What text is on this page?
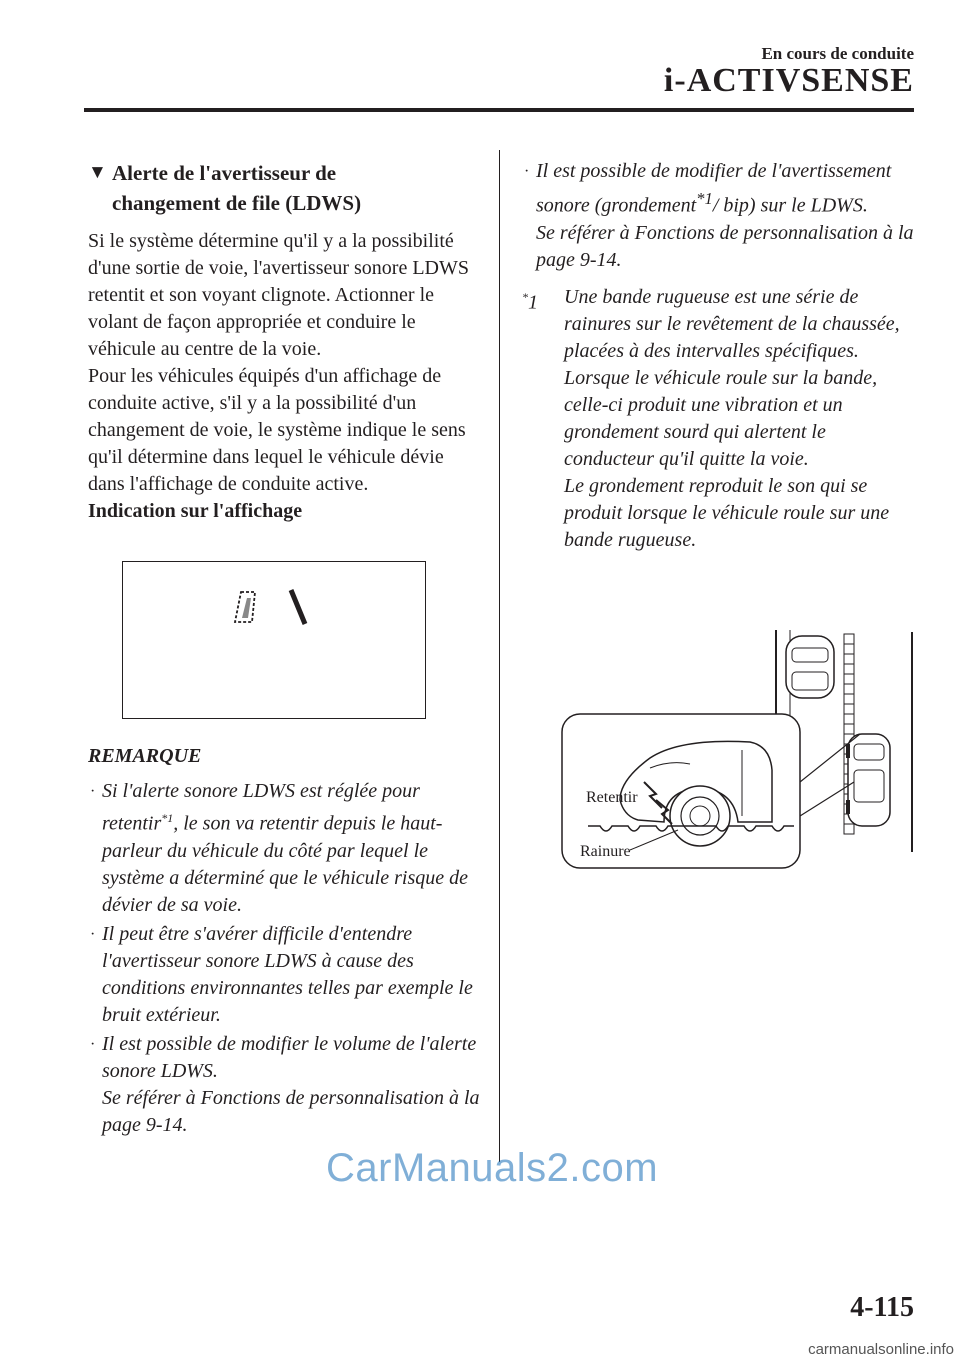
En cours de conduite
i-ACTIVSENSE
▼ Alerte de l'avertisseur de
changement de file (LDWS)
Si le système détermine qu'il y a la possibilité d'une sortie de voie, l'avertisseur sonore LDWS retentit et son voyant clignote. Actionner le volant de façon appropriée et conduire le véhicule au centre de la voie.
Pour les véhicules équipés d'un affichage de conduite active, s'il y a la possibilité d'un changement de voie, le système indique le sens qu'il détermine dans lequel le véhicule dévie dans l'affichage de conduite active.
Indication sur l'affichage
REMARQUE
· Si l'alerte sonore LDWS est réglée pour retentir$^{*1}$, le son va retentir depuis le haut-parleur du véhicule du côté par lequel le système a déterminé que le véhicule risque de dévier de sa voie.
· Il peut être s'avérer difficile d'entendre l'avertisseur sonore LDWS à cause des conditions environnantes telles par exemple le bruit extérieur.
· Il est possible de modifier le volume de l'alerte sonore LDWS.
Se référer à Fonctions de personnalisation à la page 9-14.
· Il est possible de modifier de l'avertissement sonore (grondement$^{*1}$/ bip) sur le LDWS.
Se référer à Fonctions de personnalisation à la page 9-14.
*1	Une bande rugueuse est une série de rainures sur le revêtement de la chaussée, placées à des intervalles spécifiques. Lorsque le véhicule roule sur la bande, celle-ci produit une vibration et un grondement sourd qui alertent le conducteur qu'il quitte la voie.
Le grondement reproduit le son qui se produit lorsque le véhicule roule sur une bande rugueuse.
Retentir
Rainure
CarManuals2.com
4-115
carmanualsonline.info
